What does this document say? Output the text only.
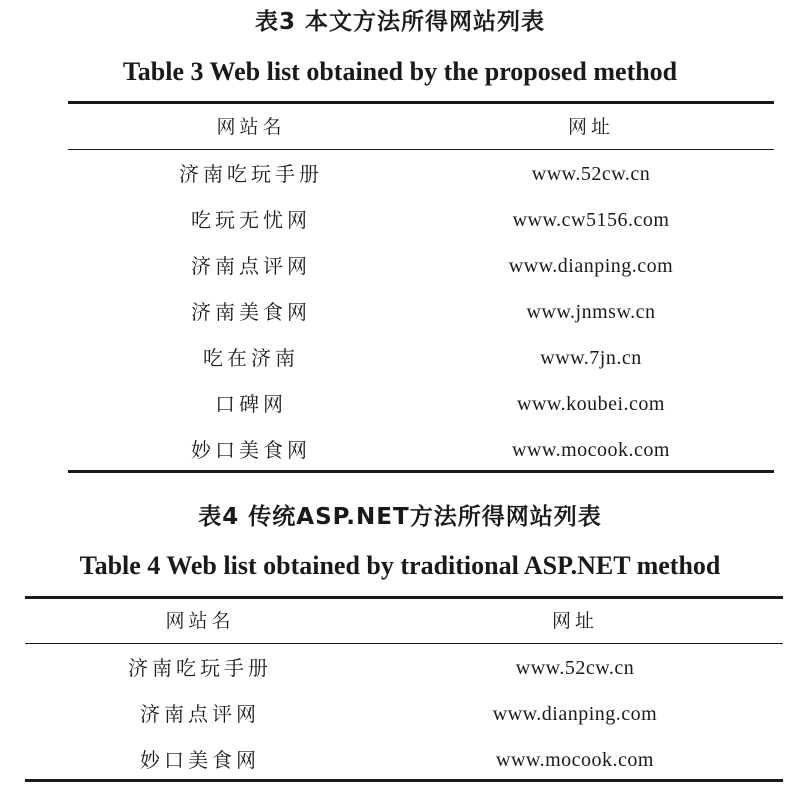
表3 本文方法所得网站列表
Table 3 Web list obtained by the proposed method
网站名	网址
济南吃玩手册	www.52cw.cn
吃玩无忧网	www.cw5156.com
济南点评网	www.dianping.com
济南美食网	www.jnmsw.cn
吃在济南	www.7jn.cn
口碑网	www.koubei.com
妙口美食网	www.mocook.com
表4 传统ASP.NET方法所得网站列表
Table 4 Web list obtained by traditional ASP.NET method
网站名	网址
济南吃玩手册	www.52cw.cn
济南点评网	www.dianping.com
妙口美食网	www.mocook.com
